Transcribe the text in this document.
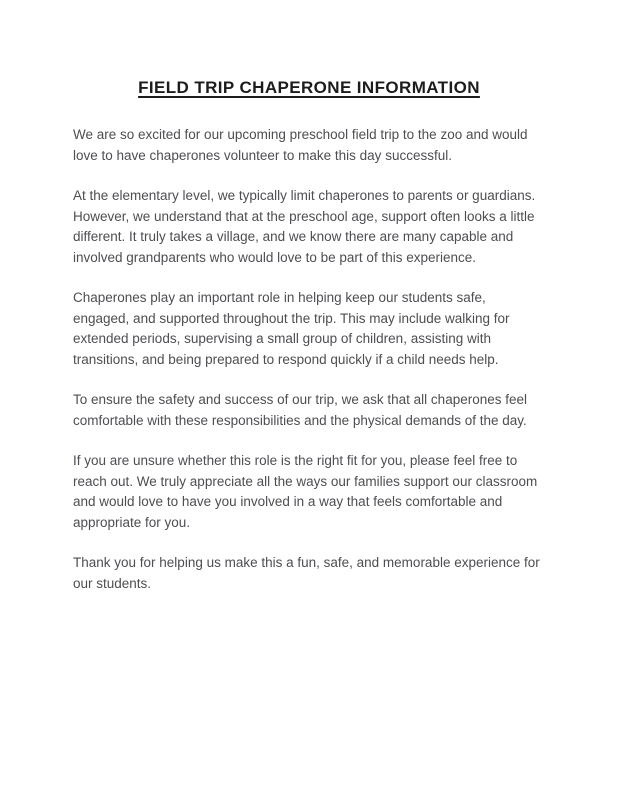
FIELD TRIP CHAPERONE INFORMATION

We are so excited for our upcoming preschool field trip to the zoo and would love to have chaperones volunteer to make this day successful.

At the elementary level, we typically limit chaperones to parents or guardians. However, we understand that at the preschool age, support often looks a little different. It truly takes a village, and we know there are many capable and involved grandparents who would love to be part of this experience.

Chaperones play an important role in helping keep our students safe, engaged, and supported throughout the trip. This may include walking for extended periods, supervising a small group of children, assisting with transitions, and being prepared to respond quickly if a child needs help.

To ensure the safety and success of our trip, we ask that all chaperones feel comfortable with these responsibilities and the physical demands of the day.

If you are unsure whether this role is the right fit for you, please feel free to reach out. We truly appreciate all the ways our families support our classroom and would love to have you involved in a way that feels comfortable and appropriate for you.

Thank you for helping us make this a fun, safe, and memorable experience for our students.
